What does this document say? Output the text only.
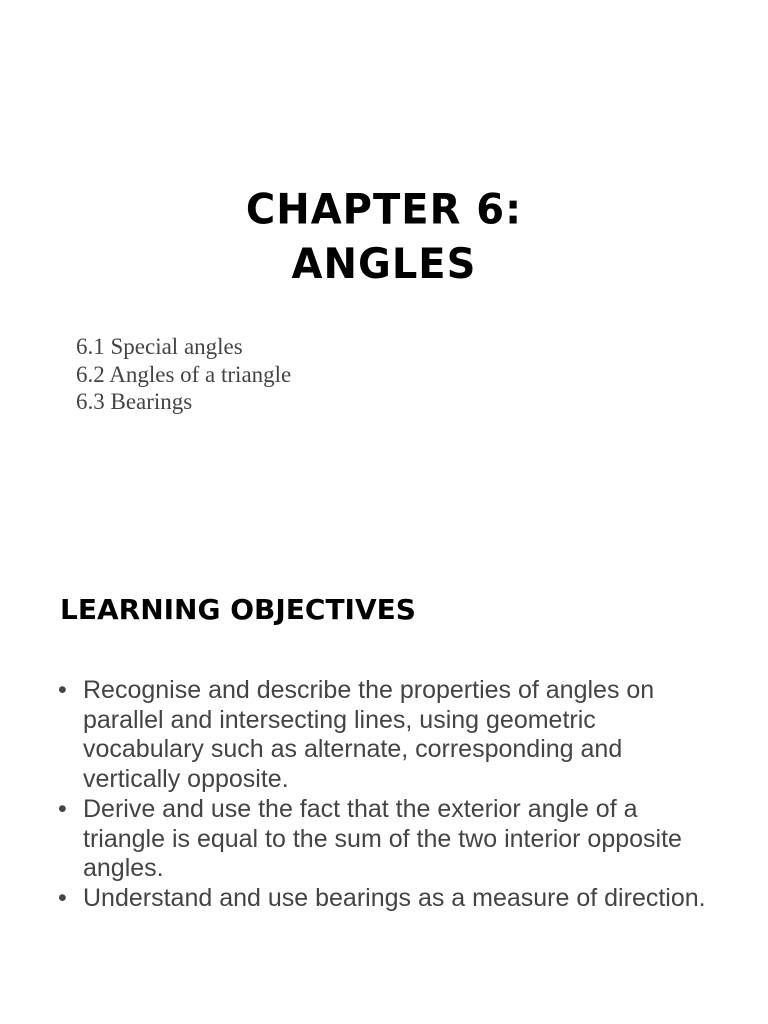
CHAPTER 6:
ANGLES
6.1 Special angles
6.2 Angles of a triangle
6.3 Bearings
LEARNING OBJECTIVES
• Recognise and describe the properties of angles on parallel and intersecting lines, using geometric vocabulary such as alternate, corresponding and vertically opposite.
• Derive and use the fact that the exterior angle of a triangle is equal to the sum of the two interior opposite angles.
• Understand and use bearings as a measure of direction.
